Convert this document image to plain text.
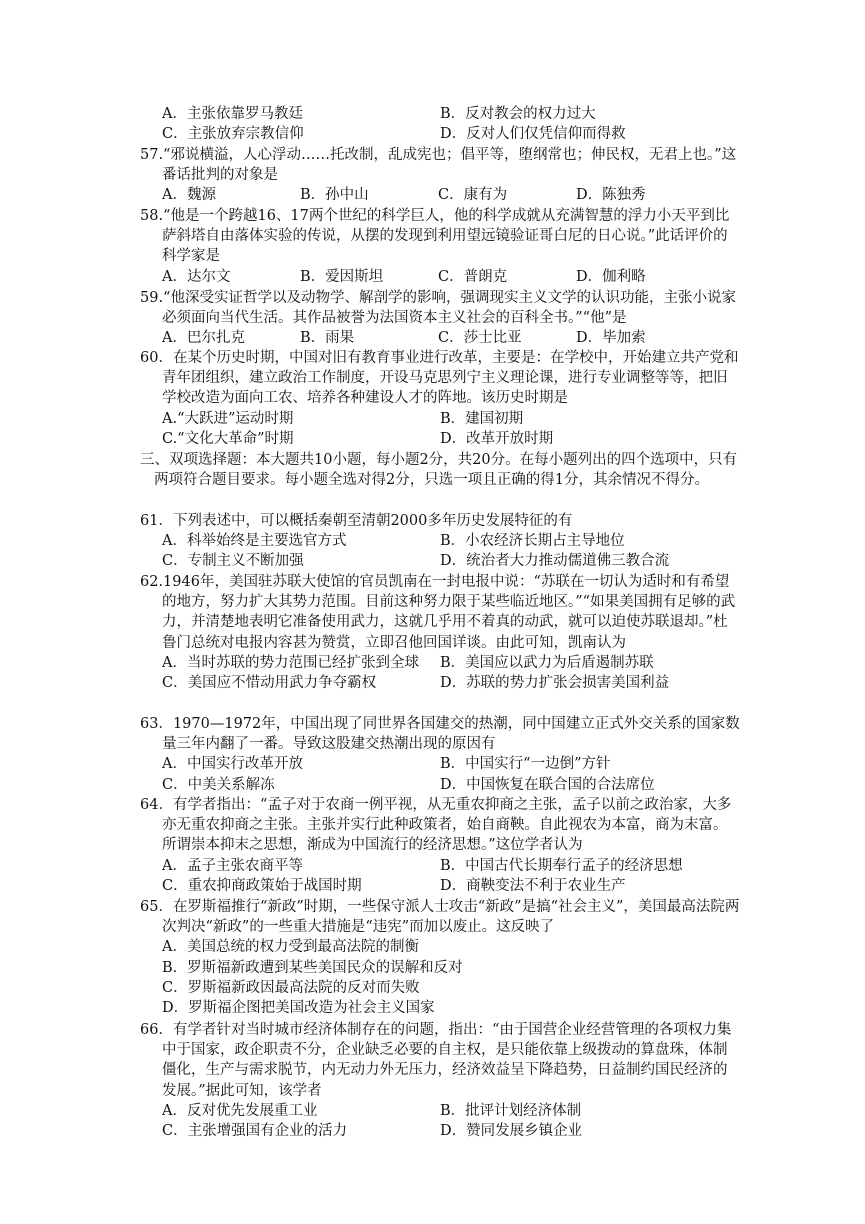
A．主张依靠罗马教廷	B．反对教会的权力过大
C．主张放弃宗教信仰	D．反对人们仅凭信仰而得救

57.“邪说横溢，人心浮动……托改制，乱成宪也；倡平等，堕纲常也；伸民权，无君上也。”这番话批判的对象是

A．魏源	B．孙中山	C．康有为	D．陈独秀

58.“他是一个跨越16、17两个世纪的科学巨人，他的科学成就从充满智慧的浮力小天平到比萨斜塔自由落体实验的传说，从摆的发现到利用望远镜验证哥白尼的日心说。”此话评价的科学家是

A．达尔文	B．爱因斯坦	C．普朗克	D．伽利略

59.“他深受实证哲学以及动物学、解剖学的影响，强调现实主义文学的认识功能，主张小说家必须面向当代生活。其作品被誉为法国资本主义社会的百科全书。”“他”是

A．巴尔扎克	B．雨果	C．莎士比亚	D．毕加索

60．在某个历史时期，中国对旧有教育事业进行改革，主要是：在学校中，开始建立共产党和青年团组织，建立政治工作制度，开设马克思列宁主义理论课，进行专业调整等等，把旧学校改造为面向工农、培养各种建设人才的阵地。该历史时期是

A.“大跃进”运动时期	B．建国初期
C.“文化大革命”时期	D．改革开放时期

三、双项选择题：本大题共10小题，每小题2分，共20分。在每小题列出的四个选项中，只有两项符合题目要求。每小题全选对得2分，只选一项且正确的得1分，其余情况不得分。

61．下列表述中，可以概括秦朝至清朝2000多年历史发展特征的有

A．科举始终是主要选官方式	B．小农经济长期占主导地位
C．专制主义不断加强	D．统治者大力推动儒道佛三教合流

62.1946年，美国驻苏联大使馆的官员凯南在一封电报中说：“苏联在一切认为适时和有希望的地方，努力扩大其势力范围。目前这种努力限于某些临近地区。”“如果美国拥有足够的武力，并清楚地表明它准备使用武力，这就几乎用不着真的动武，就可以迫使苏联退却。”杜鲁门总统对电报内容甚为赞赏，立即召他回国详谈。由此可知，凯南认为

A．当时苏联的势力范围已经扩张到全球	B．美国应以武力为后盾遏制苏联
C．美国应不惜动用武力争夺霸权	D．苏联的势力扩张会损害美国利益

63．1970—1972年，中国出现了同世界各国建交的热潮，同中国建立正式外交关系的国家数量三年内翻了一番。导致这股建交热潮出现的原因有

A．中国实行改革开放	B．中国实行“一边倒”方针
C．中美关系解冻	D．中国恢复在联合国的合法席位

64．有学者指出：“孟子对于农商一例平视，从无重农抑商之主张，孟子以前之政治家，大多亦无重农抑商之主张。主张并实行此种政策者，始自商鞅。自此视农为本富，商为末富。所谓崇本抑末之思想，渐成为中国流行的经济思想。”这位学者认为

A．孟子主张农商平等	B．中国古代长期奉行孟子的经济思想
C．重农抑商政策始于战国时期	D．商鞅变法不利于农业生产

65．在罗斯福推行“新政”时期，一些保守派人士攻击“新政”是搞“社会主义”，美国最高法院两次判决“新政”的一些重大措施是“违宪”而加以废止。这反映了

A．美国总统的权力受到最高法院的制衡
B．罗斯福新政遭到某些美国民众的误解和反对
C．罗斯福新政因最高法院的反对而失败
D．罗斯福企图把美国改造为社会主义国家

66．有学者针对当时城市经济体制存在的问题，指出：“由于国营企业经营管理的各项权力集中于国家，政企职责不分，企业缺乏必要的自主权，是只能依靠上级拨动的算盘珠，体制僵化，生产与需求脱节，内无动力外无压力，经济效益呈下降趋势，日益制约国民经济的发展。”据此可知，该学者

A．反对优先发展重工业	B．批评计划经济体制
C．主张增强国有企业的活力	D．赞同发展乡镇企业
